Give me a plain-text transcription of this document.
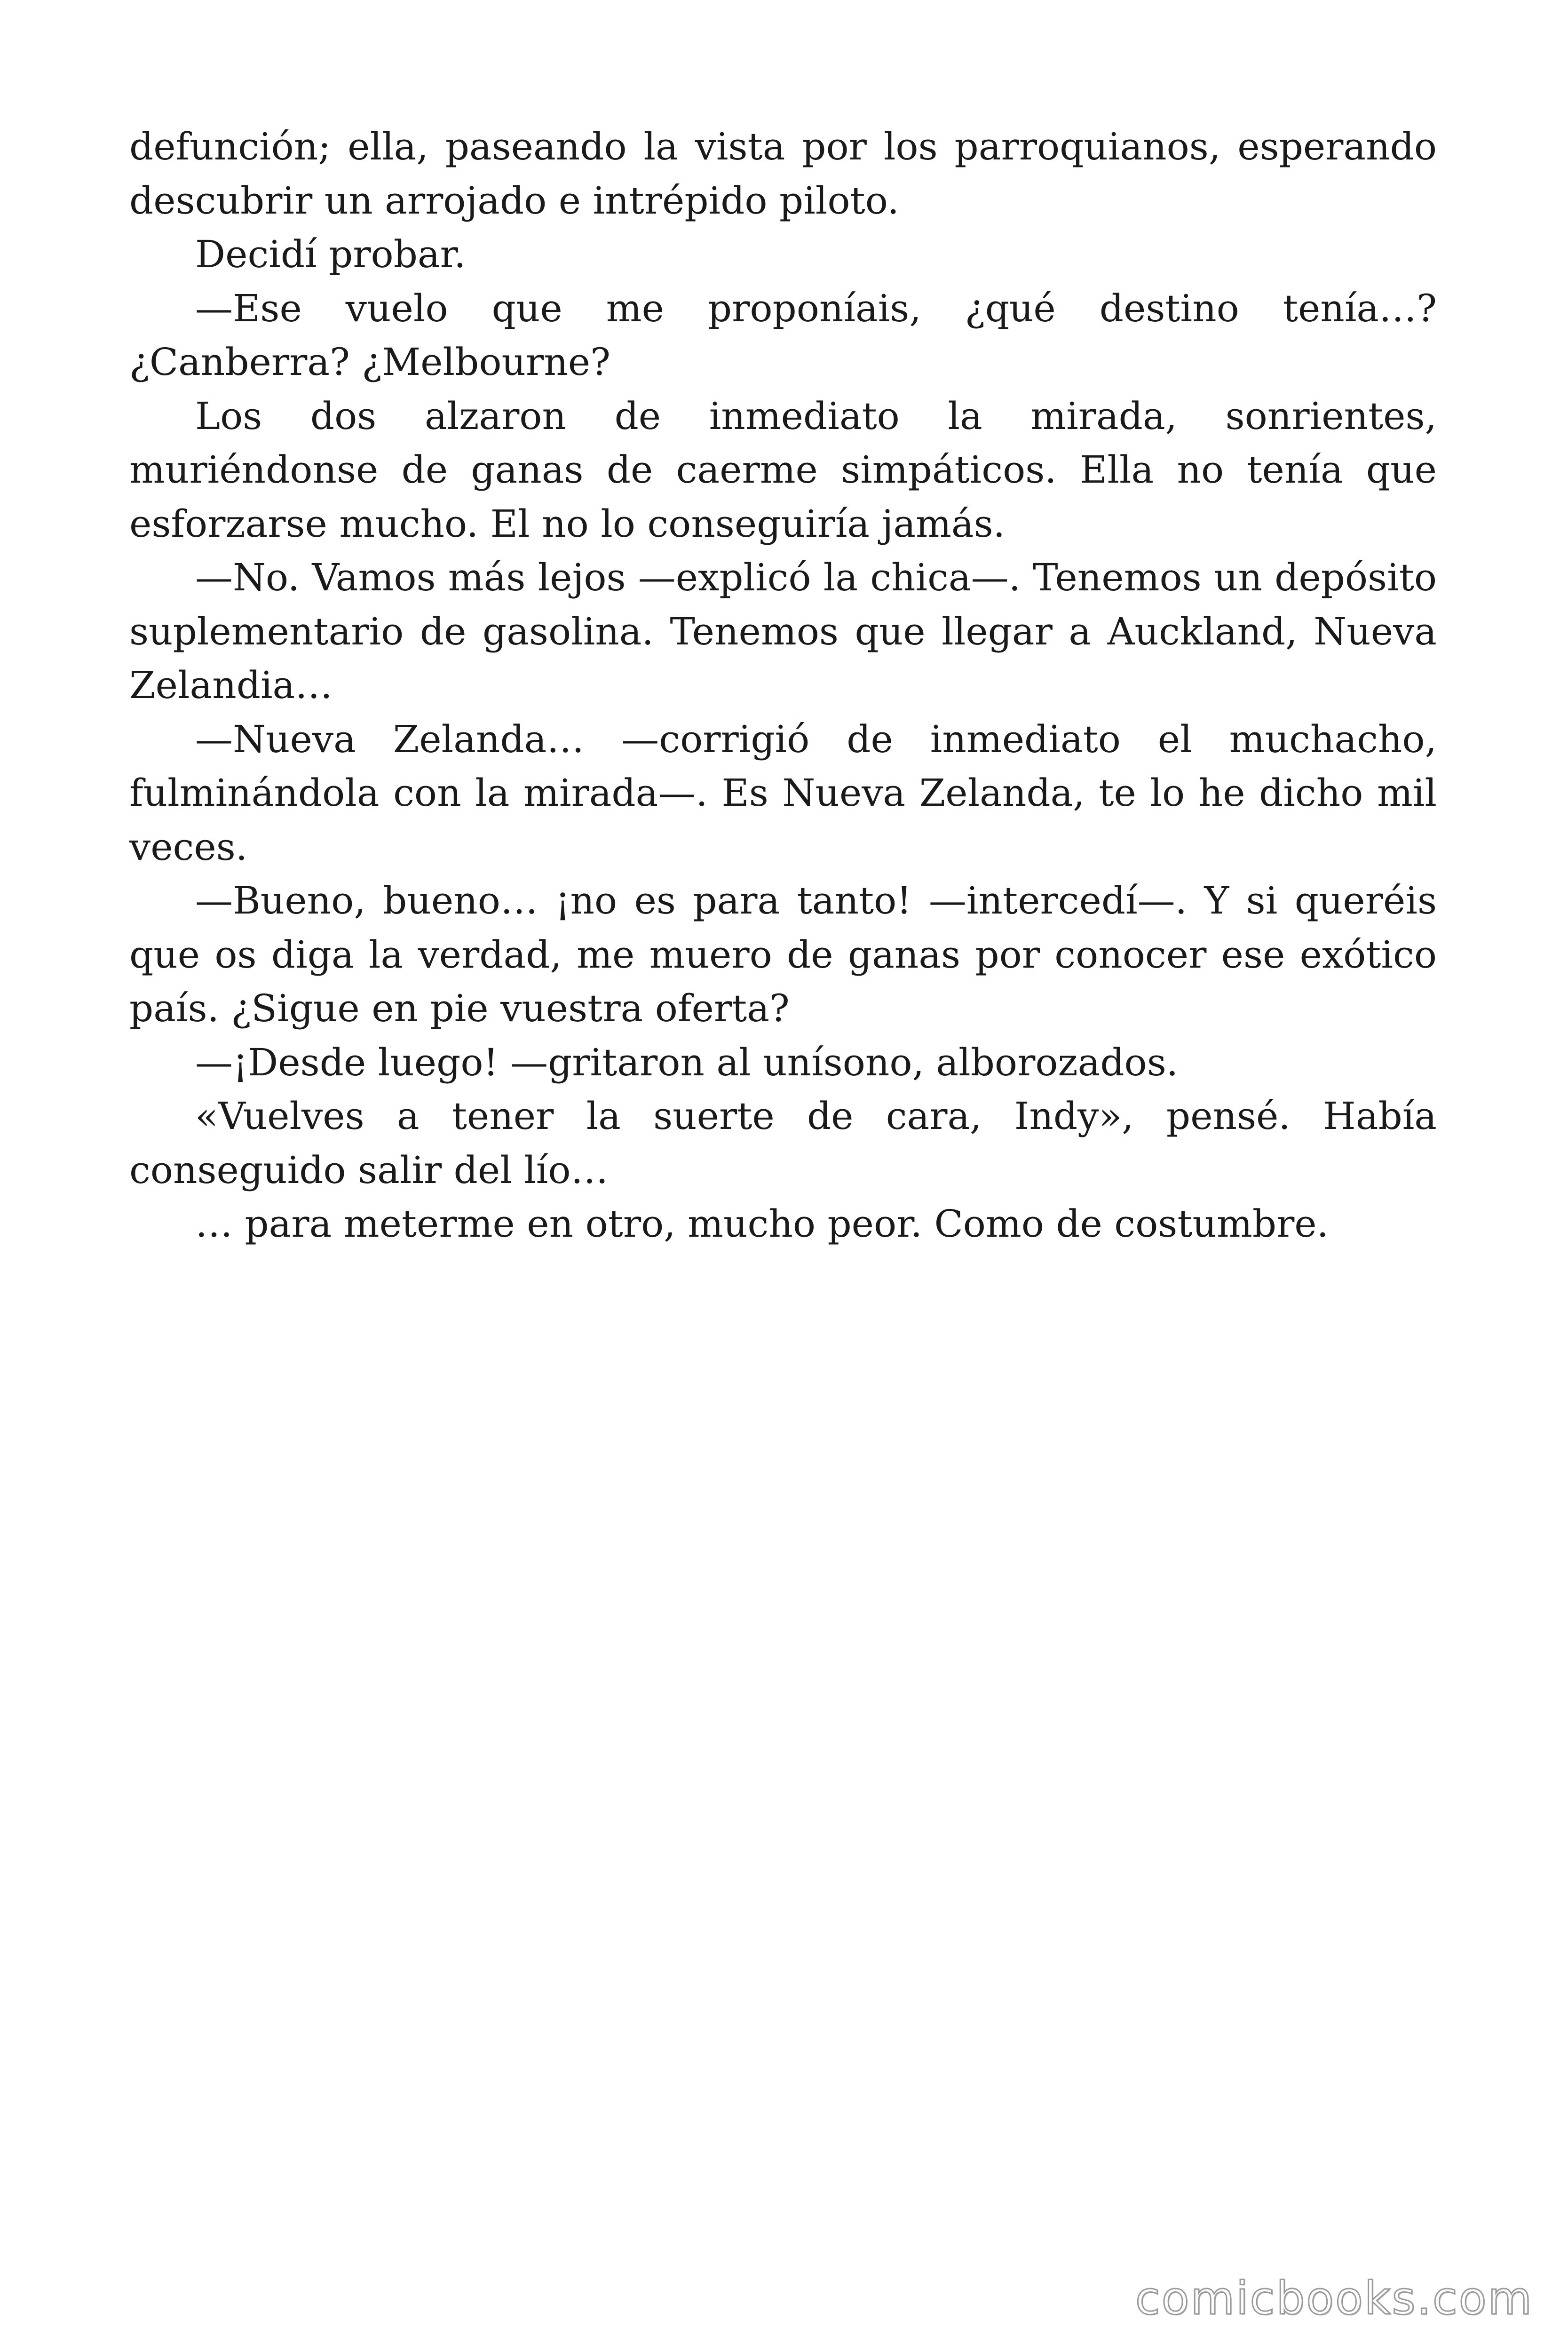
defunción; ella, paseando la vista por los parroquianos, esperando descubrir un arrojado e intrépido piloto.

Decidí probar.

—Ese vuelo que me proponíais, ¿qué destino tenía…? ¿Canberra? ¿Melbourne?

Los dos alzaron de inmediato la mirada, sonrientes, muriéndonse de ganas de caerme simpáticos. Ella no tenía que esforzarse mucho. El no lo conseguiría jamás.

—No. Vamos más lejos —explicó la chica—. Tenemos un depósito suplementario de gasolina. Tenemos que llegar a Auckland, Nueva Zelandia…

—Nueva Zelanda… —corrigió de inmediato el muchacho, fulminándola con la mirada—. Es Nueva Zelanda, te lo he dicho mil veces.

—Bueno, bueno… ¡no es para tanto! —intercedí—. Y si queréis que os diga la verdad, me muero de ganas por conocer ese exótico país. ¿Sigue en pie vuestra oferta?

—¡Desde luego! —gritaron al unísono, alborozados.

«Vuelves a tener la suerte de cara, Indy», pensé. Había conseguido salir del lío…

… para meterme en otro, mucho peor. Como de costumbre.

comicbooks.com
